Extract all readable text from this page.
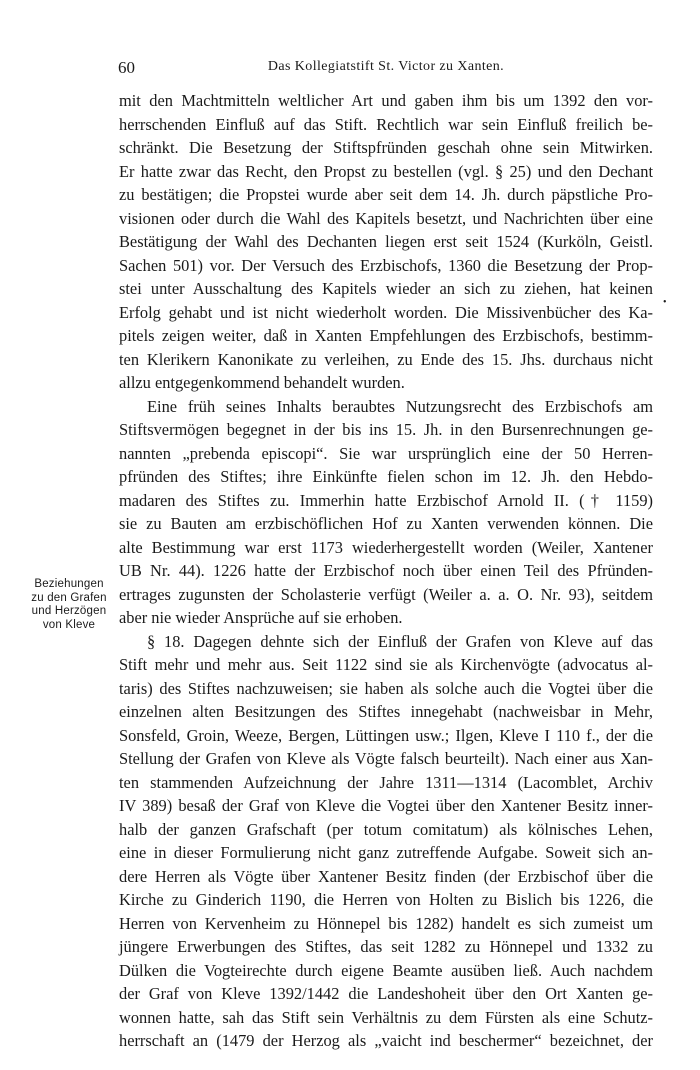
60	Das Kollegiatstift St. Victor zu Xanten.
Beziehungen
zu den Grafen
und Herzögen
von Kleve
•
mit den Machtmitteln weltlicher Art und gaben ihm bis um 1392 den vor-
herrschenden Einfluß auf das Stift. Rechtlich war sein Einfluß freilich be-
schränkt. Die Besetzung der Stiftspfründen geschah ohne sein Mitwirken.
Er hatte zwar das Recht, den Propst zu bestellen (vgl. § 25) und den Dechant
zu bestätigen; die Propstei wurde aber seit dem 14. Jh. durch päpstliche Pro-
visionen oder durch die Wahl des Kapitels besetzt, und Nachrichten über eine
Bestätigung der Wahl des Dechanten liegen erst seit 1524 (Kurköln, Geistl.
Sachen 501) vor. Der Versuch des Erzbischofs, 1360 die Besetzung der Prop-
stei unter Ausschaltung des Kapitels wieder an sich zu ziehen, hat keinen
Erfolg gehabt und ist nicht wiederholt worden. Die Missivenbücher des Ka-
pitels zeigen weiter, daß in Xanten Empfehlungen des Erzbischofs, bestimm-
ten Klerikern Kanonikate zu verleihen, zu Ende des 15. Jhs. durchaus nicht
allzu entgegenkommend behandelt wurden.
Eine früh seines Inhalts beraubtes Nutzungsrecht des Erzbischofs am
Stiftsvermögen begegnet in der bis ins 15. Jh. in den Bursenrechnungen ge-
nannten „prebenda episcopi“. Sie war ursprünglich eine der 50 Herren-
pfründen des Stiftes; ihre Einkünfte fielen schon im 12. Jh. den Hebdo-
madaren des Stiftes zu. Immerhin hatte Erzbischof Arnold II. († 1159)
sie zu Bauten am erzbischöflichen Hof zu Xanten verwenden können. Die
alte Bestimmung war erst 1173 wiederhergestellt worden (Weiler, Xantener
UB Nr. 44). 1226 hatte der Erzbischof noch über einen Teil des Pfründen-
ertrages zugunsten der Scholasterie verfügt (Weiler a. a. O. Nr. 93), seitdem
aber nie wieder Ansprüche auf sie erhoben.
§ 18. Dagegen dehnte sich der Einfluß der Grafen von Kleve auf das
Stift mehr und mehr aus. Seit 1122 sind sie als Kirchenvögte (advocatus al-
taris) des Stiftes nachzuweisen; sie haben als solche auch die Vogtei über die
einzelnen alten Besitzungen des Stiftes innegehabt (nachweisbar in Mehr,
Sonsfeld, Groin, Weeze, Bergen, Lüttingen usw.; Ilgen, Kleve I 110 f., der die
Stellung der Grafen von Kleve als Vögte falsch beurteilt). Nach einer aus Xan-
ten stammenden Aufzeichnung der Jahre 1311—1314 (Lacomblet, Archiv
IV 389) besaß der Graf von Kleve die Vogtei über den Xantener Besitz inner-
halb der ganzen Grafschaft (per totum comitatum) als kölnisches Lehen,
eine in dieser Formulierung nicht ganz zutreffende Aufgabe. Soweit sich an-
dere Herren als Vögte über Xantener Besitz finden (der Erzbischof über die
Kirche zu Ginderich 1190, die Herren von Holten zu Bislich bis 1226, die
Herren von Kervenheim zu Hönnepel bis 1282) handelt es sich zumeist um
jüngere Erwerbungen des Stiftes, das seit 1282 zu Hönnepel und 1332 zu
Dülken die Vogteirechte durch eigene Beamte ausüben ließ. Auch nachdem
der Graf von Kleve 1392/1442 die Landeshoheit über den Ort Xanten ge-
wonnen hatte, sah das Stift sein Verhältnis zu dem Fürsten als eine Schutz-
herrschaft an (1479 der Herzog als „vaicht ind beschermer“ bezeichnet, der
